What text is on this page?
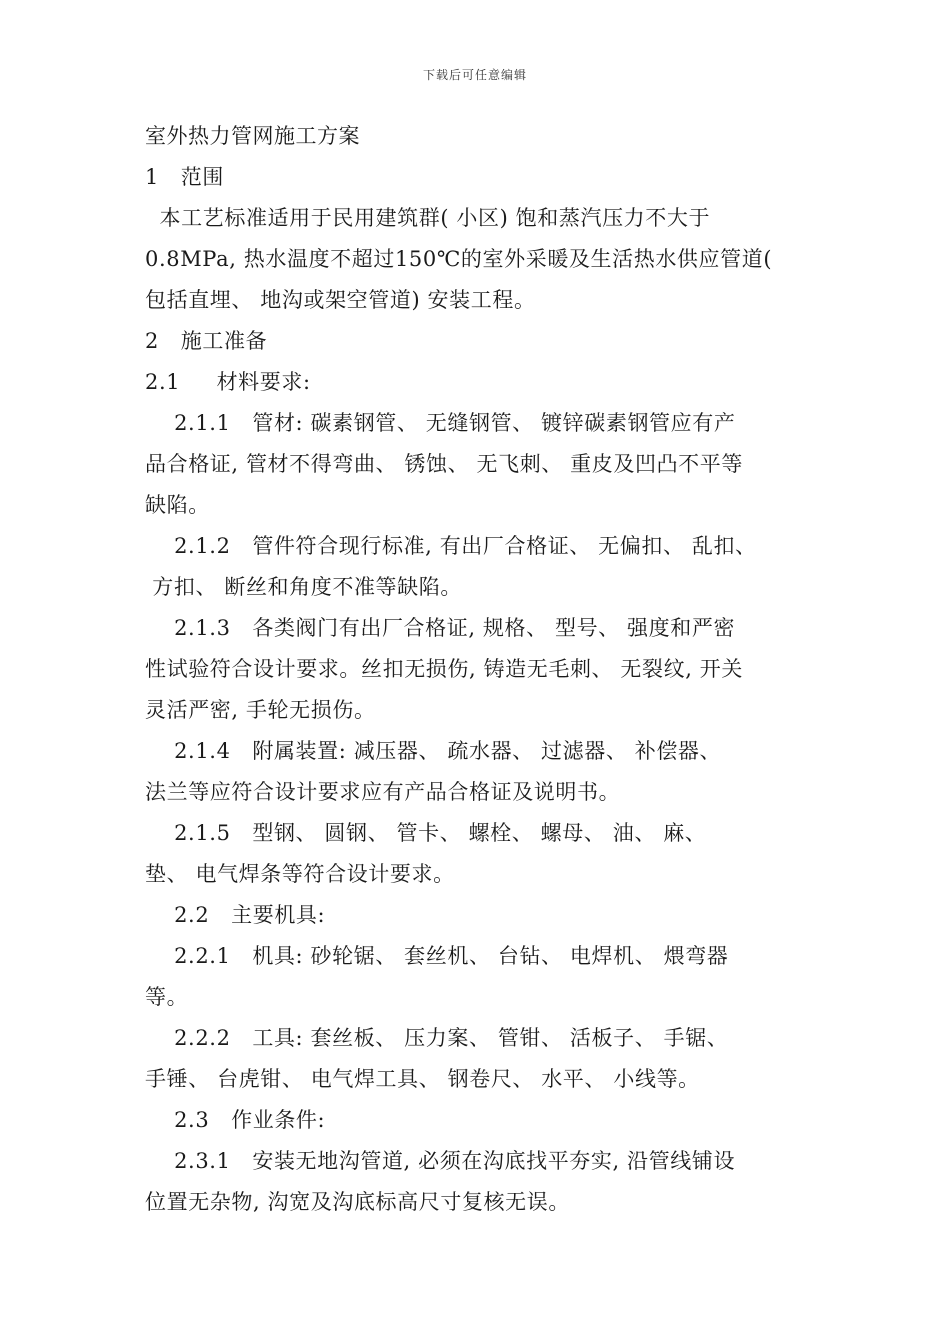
下载后可任意编辑
室外热力管网施工方案
1   范围
本工艺标准适用于民用建筑群( 小区) 饱和蒸汽压力不大于
0.8MPa, 热水温度不超过150℃的室外采暖及生活热水供应管道(
包括直埋、 地沟或架空管道) 安装工程。
2   施工准备
2.1     材料要求:
2.1.1   管材: 碳素钢管、 无缝钢管、 镀锌碳素钢管应有产
品合格证, 管材不得弯曲、 锈蚀、 无飞刺、 重皮及凹凸不平等
缺陷。
2.1.2   管件符合现行标准, 有出厂合格证、 无偏扣、 乱扣、
方扣、 断丝和角度不准等缺陷。
2.1.3   各类阀门有出厂合格证, 规格、 型号、 强度和严密
性试验符合设计要求。丝扣无损伤, 铸造无毛刺、 无裂纹, 开关
灵活严密, 手轮无损伤。
2.1.4   附属装置: 减压器、 疏水器、 过滤器、 补偿器、
法兰等应符合设计要求应有产品合格证及说明书。
2.1.5   型钢、 圆钢、 管卡、 螺栓、 螺母、 油、 麻、
垫、 电气焊条等符合设计要求。
2.2   主要机具:
2.2.1   机具: 砂轮锯、 套丝机、 台钻、 电焊机、 煨弯器
等。
2.2.2   工具: 套丝板、 压力案、 管钳、 活板子、 手锯、
手锤、 台虎钳、 电气焊工具、 钢卷尺、 水平、 小线等。
2.3   作业条件:
2.3.1   安装无地沟管道, 必须在沟底找平夯实, 沿管线铺设
位置无杂物, 沟宽及沟底标高尺寸复核无误。
